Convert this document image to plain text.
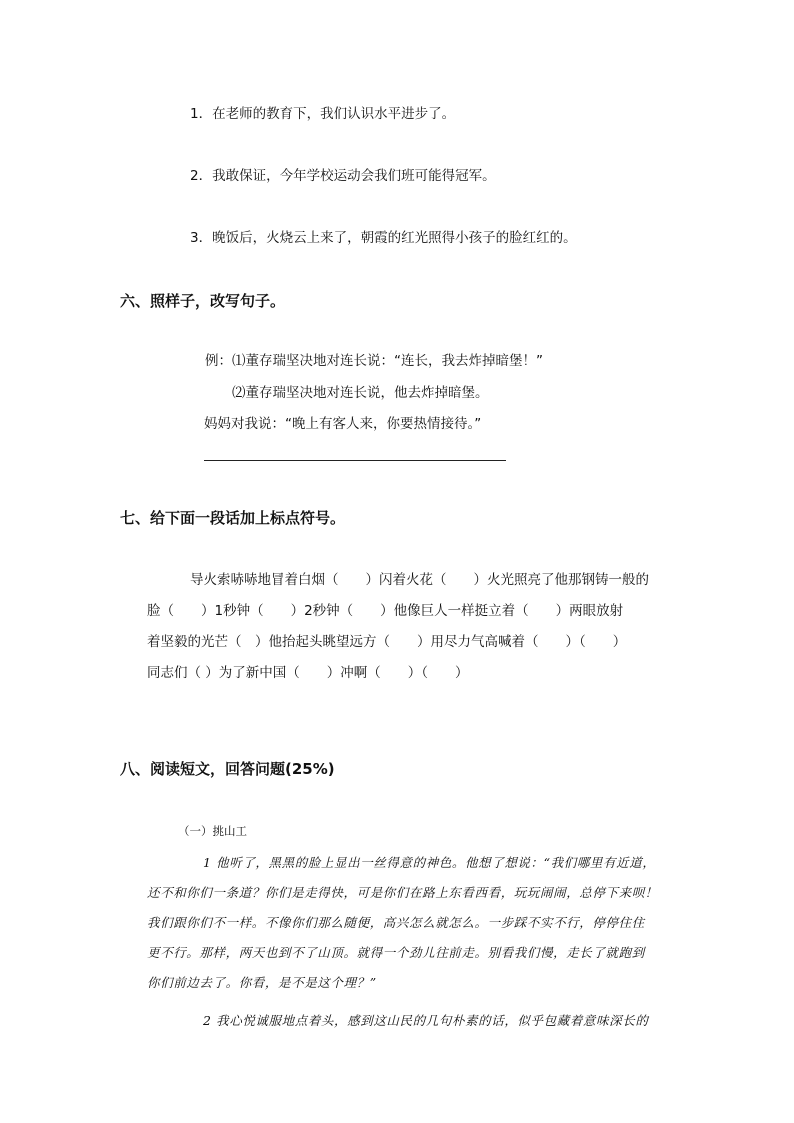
1．在老师的教育下，我们认识水平进步了。
2．我敢保证，今年学校运动会我们班可能得冠军。
3．晚饭后，火烧云上来了，朝霞的红光照得小孩子的脸红红的。
六、照样子，改写句子。
例：⑴董存瑞坚决地对连长说：“连长，我去炸掉暗堡！”
⑵董存瑞坚决地对连长说，他去炸掉暗堡。
妈妈对我说：“晚上有客人来，你要热情接待。”
七、给下面一段话加上标点符号。
导火索哧哧地冒着白烟（　　）闪着火花（　　）火光照亮了他那钢铸一般的
脸（　　）1秒钟（　　）2秒钟（　　）他像巨人一样挺立着（　　）两眼放射
着坚毅的光芒（　）他抬起头眺望远方（　　）用尽力气高喊着（　　）（　　）
同志们（ ）为了新中国（　　）冲啊（　　）（　　）
八、阅读短文，回答问题(25%)
（一）挑山工
1 他听了，黑黑的脸上显出一丝得意的神色。他想了想说：“我们哪里有近道，
还不和你们一条道？你们是走得快，可是你们在路上东看西看，玩玩闹闹，总停下来呗！
我们跟你们不一样。不像你们那么随便，高兴怎么就怎么。一步踩不实不行，停停住住
更不行。那样，两天也到不了山顶。就得一个劲儿往前走。别看我们慢，走长了就跑到
你们前边去了。你看，是不是这个理？”
2 我心悦诚服地点着头，感到这山民的几句朴素的话，似乎包藏着意味深长的
